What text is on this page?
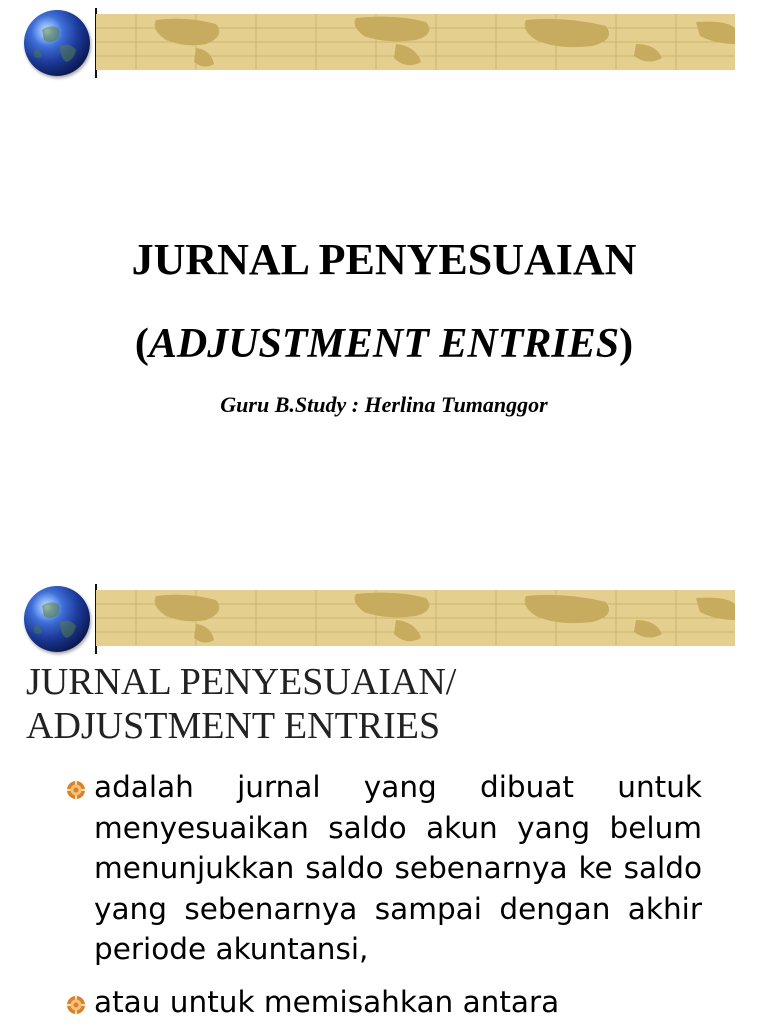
JURNAL PENYESUAIAN
(ADJUSTMENT ENTRIES)

Guru B.Study : Herlina Tumanggor

JURNAL PENYESUAIAN/
ADJUSTMENT ENTRIES
adalah jurnal yang dibuat untuk menyesuaikan saldo akun yang belum menunjukkan saldo sebenarnya ke saldo yang sebenarnya sampai dengan akhir periode akuntansi,
atau untuk memisahkan antara
